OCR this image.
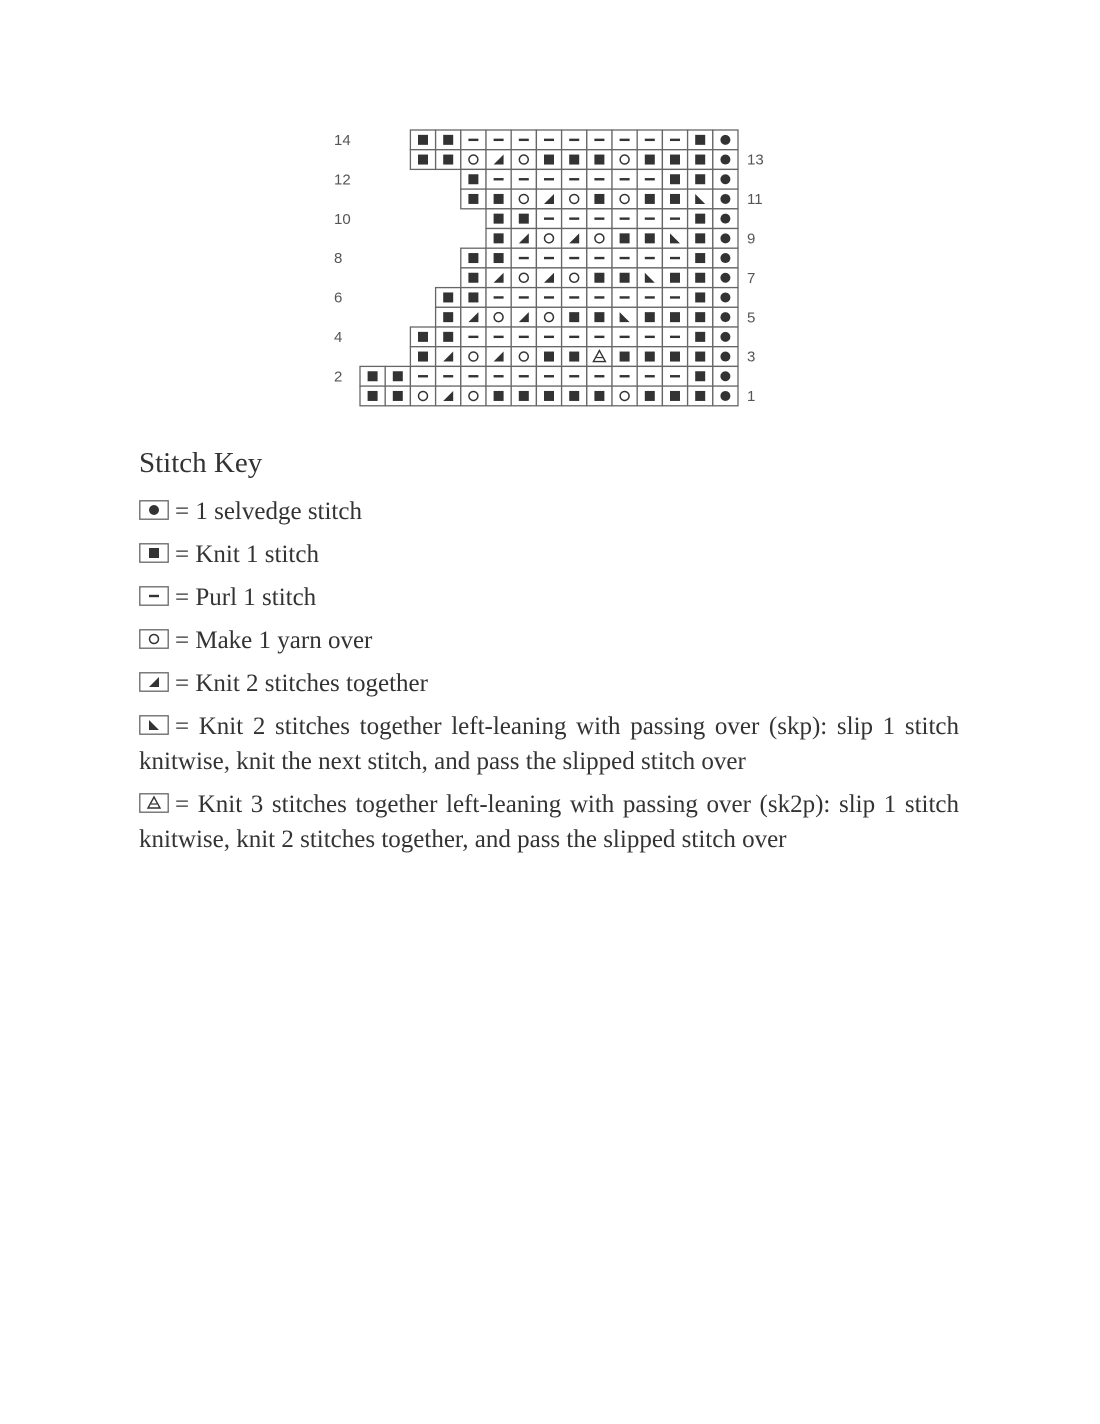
14
12
10
8
6
4
2
13
11
9
7
5
3
1
Stitch Key
= 1 selvedge stitch
= Knit 1 stitch
= Purl 1 stitch
= Make 1 yarn over
= Knit 2 stitches together
= Knit 2 stitches together left-leaning with passing over (skp): slip 1 stitch knitwise, knit the next stitch, and pass the slipped stitch over
= Knit 3 stitches together left-leaning with passing over (sk2p): slip 1 stitch knitwise, knit 2 stitches together, and pass the slipped stitch over
